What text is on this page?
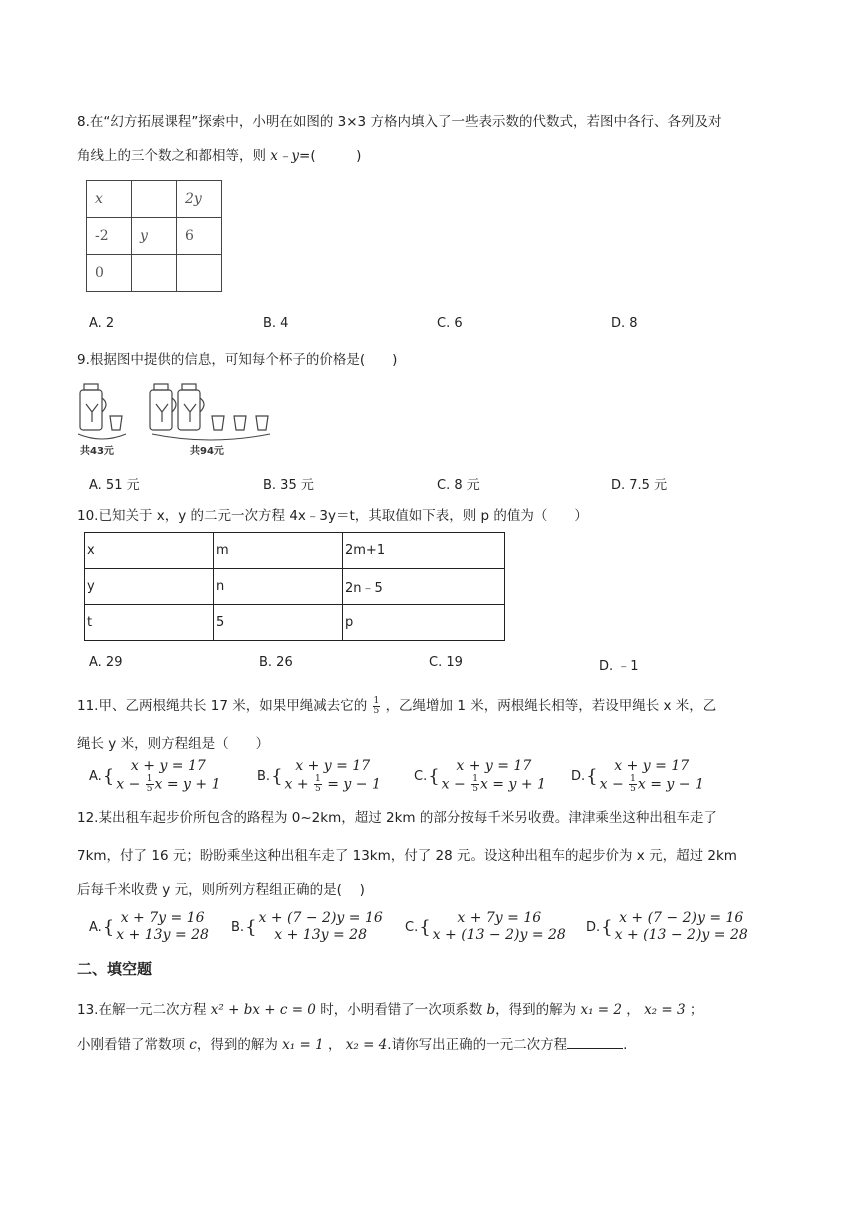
8.在“幻方拓展课程”探索中，小明在如图的 3×3 方格内填入了一些表示数的代数式，若图中各行、各列及对
角线上的三个数之和都相等，则 x﹣y=(　　　)
x		2y
-2	y	6
0		
A. 2	B. 4	C. 6	D. 8
9.根据图中提供的信息，可知每个杯子的价格是(　　)
共43元	共94元
A. 51 元	B. 35 元	C. 8 元	D. 7.5 元
10.已知关于 x，y 的二元一次方程 4x﹣3y＝t，其取值如下表，则 p 的值为（　　）
x	m	2m+1
y	n	2n﹣5
t	5	p
A. 29	B. 26	C. 19	D. ﹣1
11.甲、乙两根绳共长 17 米，如果甲绳减去它的 $\frac{1}{5}$ ，乙绳增加 1 米，两根绳长相等，若设甲绳长 x 米，乙
绳长 y 米，则方程组是（　　）
A. { x + y = 17
$x - \frac{1}{5}$ x = y + 1
B. { x + y = 17
$x + \frac{1}{5} = y - 1$
C. { x + y = 17
$x - \frac{1}{5}$ x = y + 1
D. { x + y = 17
$x - \frac{1}{5}$ x = y − 1
12.某出租车起步价所包含的路程为 0~2km，超过 2km 的部分按每千米另收费。津津乘坐这种出租车走了
7km，付了 16 元；盼盼乘坐这种出租车走了 13km，付了 28 元。设这种出租车的起步价为 x 元，超过 2km
后每千米收费 y 元，则所列方程组正确的是(　 )
A. { x + 7y = 16
x + 13y = 28 B. { x + (7 − 2)y = 16
x + 13y = 28	C. { x + 7y = 16
x + (13 − 2)y = 28 D. { x + (7 − 2)y = 16
x + (13 − 2)y = 28
二、填空题
13.在解一元二次方程 x² + bx + c = 0 时，小明看错了一次项系数 b，得到的解为 x₁ = 2 ， x₂ = 3 ；
小刚看错了常数项 c，得到的解为 x₁ = 1 ， x₂ = 4.请你写出正确的一元二次方程	.
